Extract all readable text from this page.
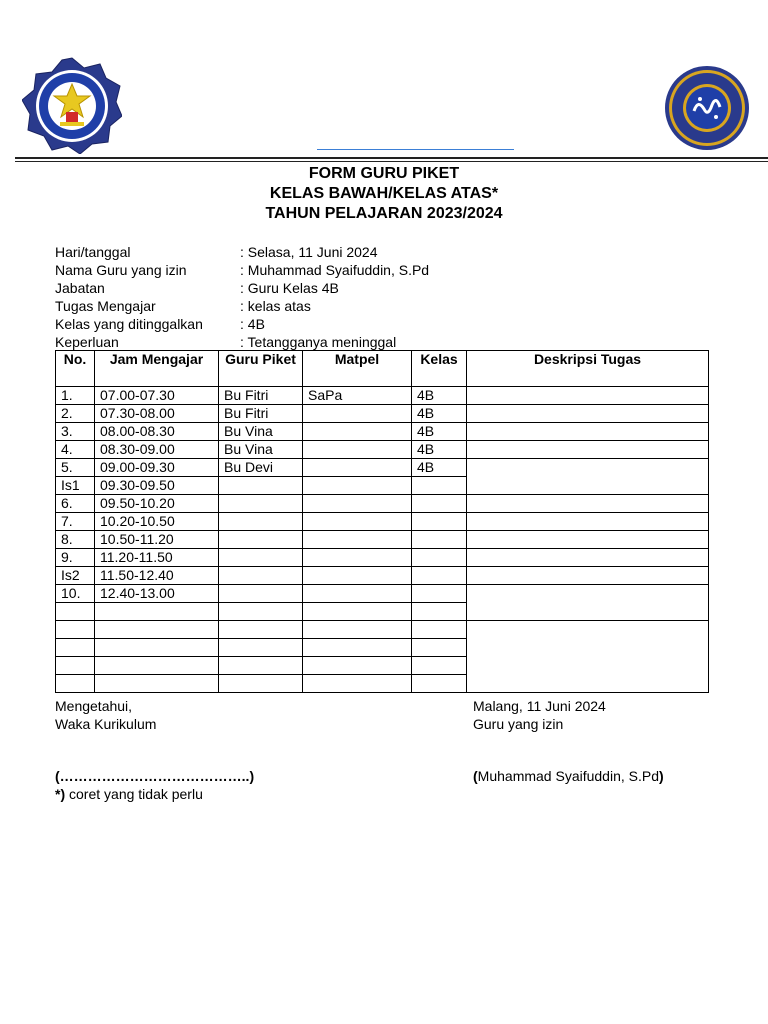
FORM GURU PIKET
KELAS BAWAH/KELAS ATAS*
TAHUN PELAJARAN 2023/2024
Hari/tanggal	: Selasa, 11 Juni 2024
Nama Guru yang izin	: Muhammad Syaifuddin, S.Pd
Jabatan	: Guru Kelas 4B
Tugas Mengajar	: kelas atas
Kelas yang ditinggalkan	: 4B
Keperluan	: Tetangganya meninggal
No.	Jam Mengajar	Guru Piket	Matpel	Kelas	Deskripsi Tugas
1.	07.00-07.30	Bu Fitri	SaPa	4B	
2.	07.30-08.00	Bu Fitri		4B	
3.	08.00-08.30	Bu Vina		4B	
4.	08.30-09.00	Bu Vina		4B	
5.	09.00-09.30	Bu Devi		4B	
Is1	09.30-09.50				
6.	09.50-10.20				
7.	10.20-10.50				
8.	10.50-11.20				
9.	11.20-11.50				
Is2	11.50-12.40				
10.	12.40-13.00				

Mengetahui,
Waka Kurikulum
Malang, 11 Juni 2024
Guru yang izin
(…………………………………..)	(Muhammad Syaifuddin, S.Pd)
*) coret yang tidak perlu
